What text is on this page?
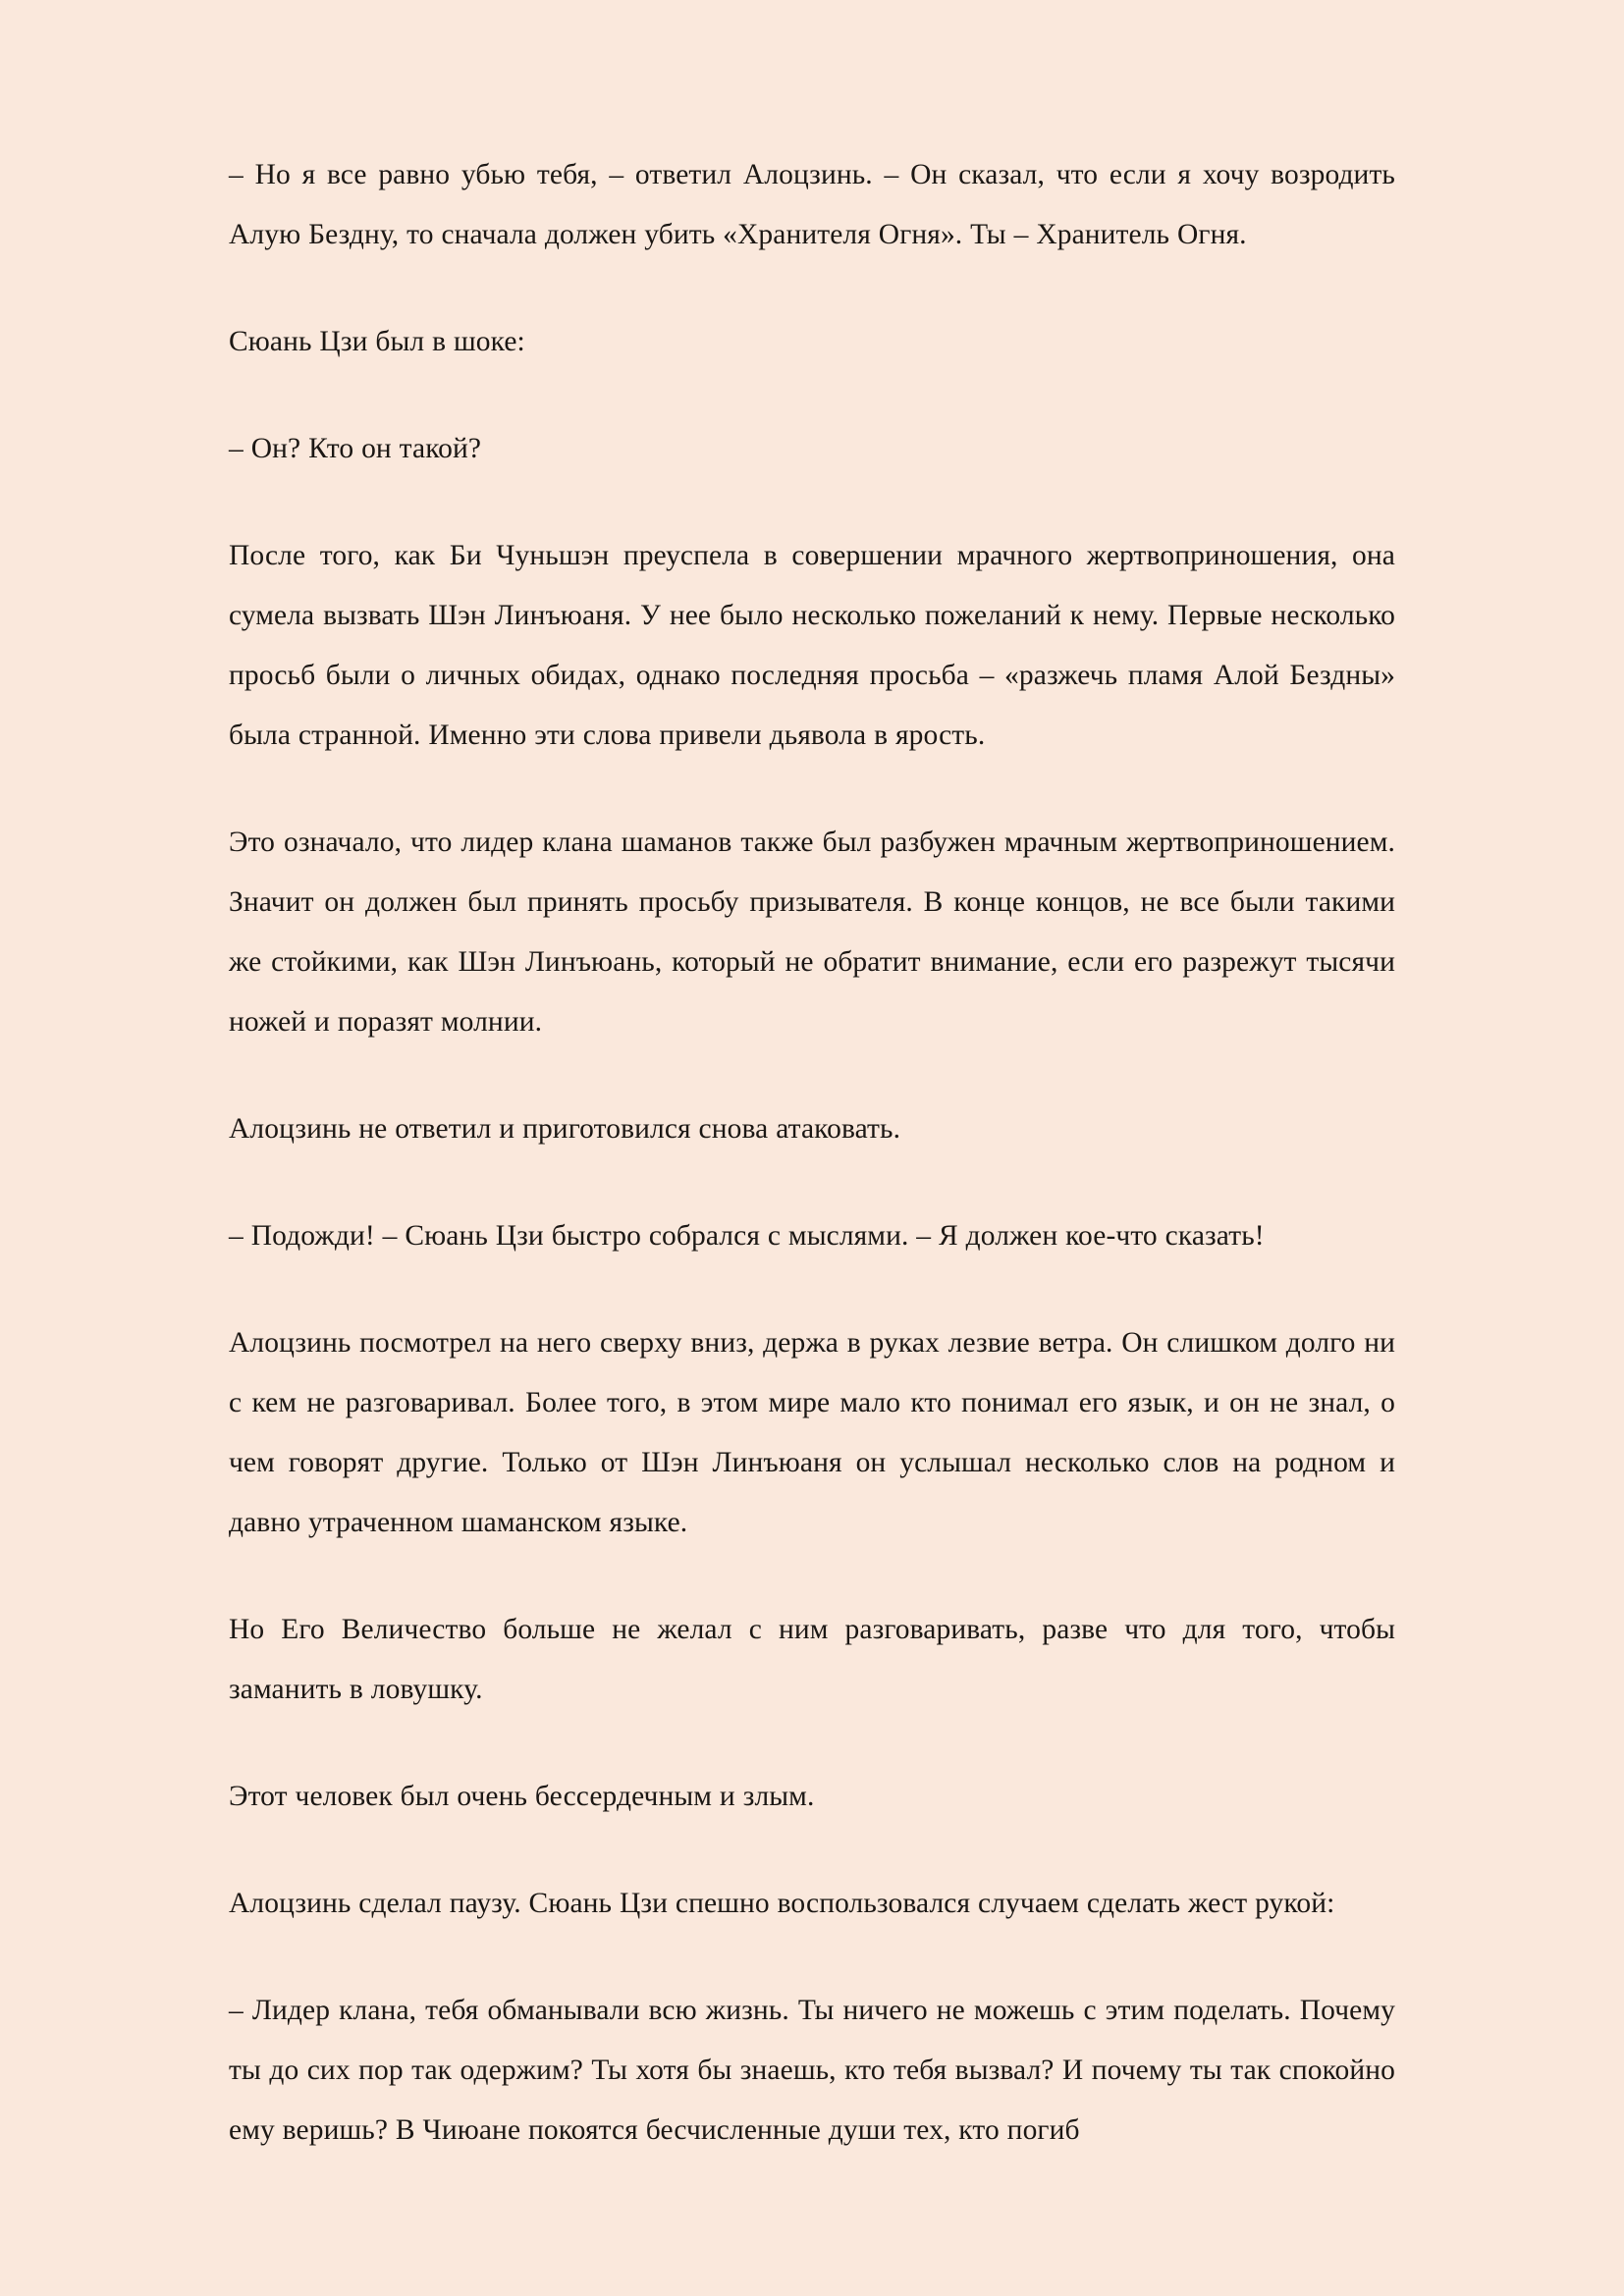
– Но я все равно убью тебя, – ответил Алоцзинь. – Он сказал, что если я хочу возродить Алую Бездну, то сначала должен убить «Хранителя Огня». Ты – Хранитель Огня.

Сюань Цзи был в шоке:

– Он? Кто он такой?

После того, как Би Чуньшэн преуспела в совершении мрачного жертвоприношения, она сумела вызвать Шэн Линъюаня. У нее было несколько пожеланий к нему. Первые несколько просьб были о личных обидах, однако последняя просьба – «разжечь пламя Алой Бездны» была странной. Именно эти слова привели дьявола в ярость.

Это означало, что лидер клана шаманов также был разбужен мрачным жертвоприношением. Значит он должен был принять просьбу призывателя. В конце концов, не все были такими же стойкими, как Шэн Линъюань, который не обратит внимание, если его разрежут тысячи ножей и поразят молнии.

Алоцзинь не ответил и приготовился снова атаковать.

– Подожди! – Сюань Цзи быстро собрался с мыслями. – Я должен кое-что сказать!

Алоцзинь посмотрел на него сверху вниз, держа в руках лезвие ветра. Он слишком долго ни с кем не разговаривал. Более того, в этом мире мало кто понимал его язык, и он не знал, о чем говорят другие. Только от Шэн Линъюаня он услышал несколько слов на родном и давно утраченном шаманском языке.

Но Его Величество больше не желал с ним разговаривать, разве что для того, чтобы заманить в ловушку.

Этот человек был очень бессердечным и злым.

Алоцзинь сделал паузу. Сюань Цзи спешно воспользовался случаем сделать жест рукой:

– Лидер клана, тебя обманывали всю жизнь. Ты ничего не можешь с этим поделать. Почему ты до сих пор так одержим? Ты хотя бы знаешь, кто тебя вызвал? И почему ты так спокойно ему веришь? В Чиюане покоятся бесчисленные души тех, кто погиб
